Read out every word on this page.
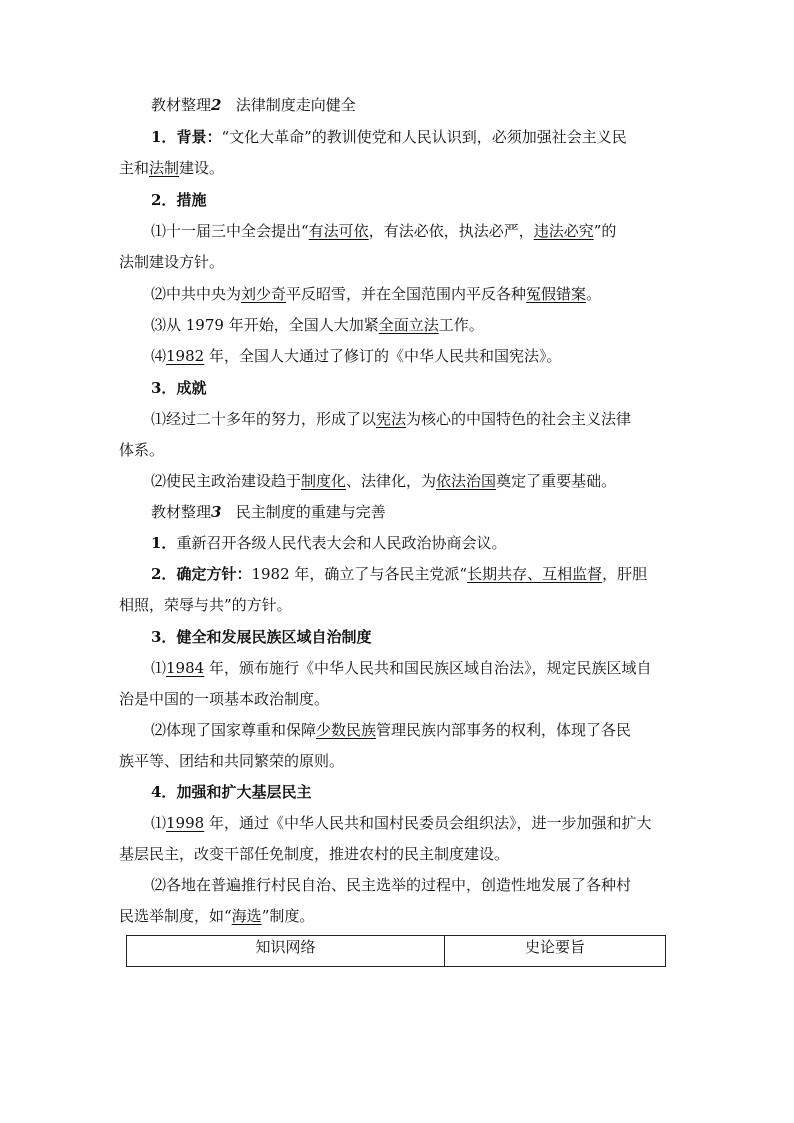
教材整理2 法律制度走向健全
1．背景：“文化大革命”的教训使党和人民认识到，必须加强社会主义民
主和法制建设。
2．措施
⑴十一届三中全会提出“有法可依，有法必依，执法必严，违法必究”的
法制建设方针。
⑵中共中央为刘少奇平反昭雪，并在全国范围内平反各种冤假错案。
⑶从 1979 年开始，全国人大加紧全面立法工作。
⑷1982 年，全国人大通过了修订的《中华人民共和国宪法》。
3．成就
⑴经过二十多年的努力，形成了以宪法为核心的中国特色的社会主义法律
体系。
⑵使民主政治建设趋于制度化、法律化，为依法治国奠定了重要基础。
教材整理3 民主制度的重建与完善
1．重新召开各级人民代表大会和人民政治协商会议。
2．确定方针：1982 年，确立了与各民主党派“长期共存、互相监督，肝胆
相照，荣辱与共”的方针。
3．健全和发展民族区域自治制度
⑴1984 年，颁布施行《中华人民共和国民族区域自治法》，规定民族区域自
治是中国的一项基本政治制度。
⑵体现了国家尊重和保障少数民族管理民族内部事务的权利，体现了各民
族平等、团结和共同繁荣的原则。
4．加强和扩大基层民主
⑴1998 年，通过《中华人民共和国村民委员会组织法》，进一步加强和扩大
基层民主，改变干部任免制度，推进农村的民主制度建设。
⑵各地在普遍推行村民自治、民主选举的过程中，创造性地发展了各种村
民选举制度，如“海选”制度。
知识网络	史论要旨
